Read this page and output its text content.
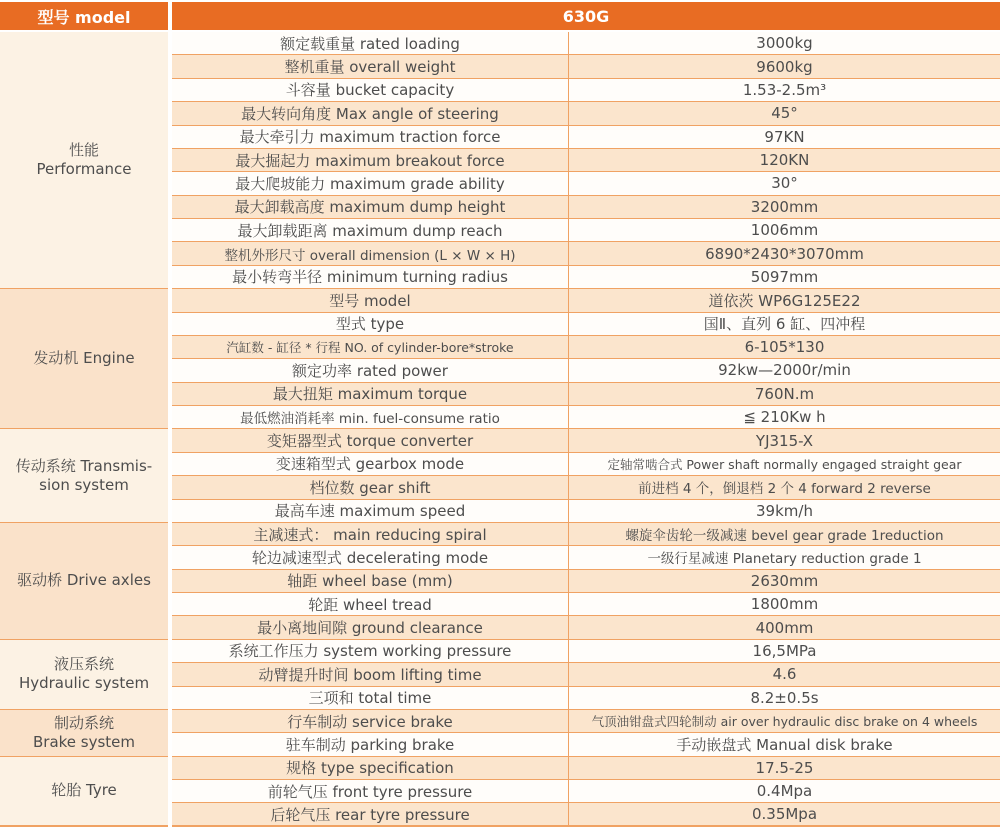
型号 model	630G
性能
Performance
额定载重量 rated loading	3000kg
整机重量 overall weight	9600kg
斗容量 bucket capacity	1.53-2.5m³
最大转向角度 Max angle of steering	45°
最大牵引力 maximum traction force	97KN
最大掘起力 maximum breakout force	120KN
最大爬坡能力 maximum grade ability	30°
最大卸载高度 maximum dump height	3200mm
最大卸载距离 maximum dump reach	1006mm
整机外形尺寸 overall dimension (L × W × H)	6890*2430*3070mm
最小转弯半径 minimum turning radius	5097mm
发动机 Engine
型号 model	道依茨 WP6G125E22
型式 type	国Ⅱ、直列 6 缸、四冲程
汽缸数 - 缸径 * 行程 NO. of cylinder-bore*stroke	6-105*130
额定功率 rated power	92kw—2000r/min
最大扭矩 maximum torque	760N.m
最低燃油消耗率 min. fuel-consume ratio	≦ 210Kw h
传动系统 Transmis-
sion system
变矩器型式 torque converter	YJ315-X
变速箱型式 gearbox mode	定轴常啮合式 Power shaft normally engaged straight gear
档位数 gear shift	前进档 4 个，倒退档 2 个 4 forward 2 reverse
最高车速 maximum speed	39km/h
驱动桥 Drive axles
主减速式： main reducing spiral	螺旋伞齿轮一级减速 bevel gear grade 1reduction
轮边减速型式 decelerating mode	一级行星减速 Planetary reduction grade 1
轴距 wheel base (mm)	2630mm
轮距 wheel tread	1800mm
最小离地间隙 ground clearance	400mm
液压系统
Hydraulic system
系统工作压力 system working pressure	16,5MPa
动臂提升时间 boom lifting time	4.6
三项和 total time	8.2±0.5s
制动系统
Brake system
行车制动 service brake	气顶油钳盘式四轮制动 air over hydraulic disc brake on 4 wheels
驻车制动 parking brake	手动嵌盘式 Manual disk brake
轮胎 Tyre
规格 type specification	17.5-25
前轮气压 front tyre pressure	0.4Mpa
后轮气压 rear tyre pressure	0.35Mpa
